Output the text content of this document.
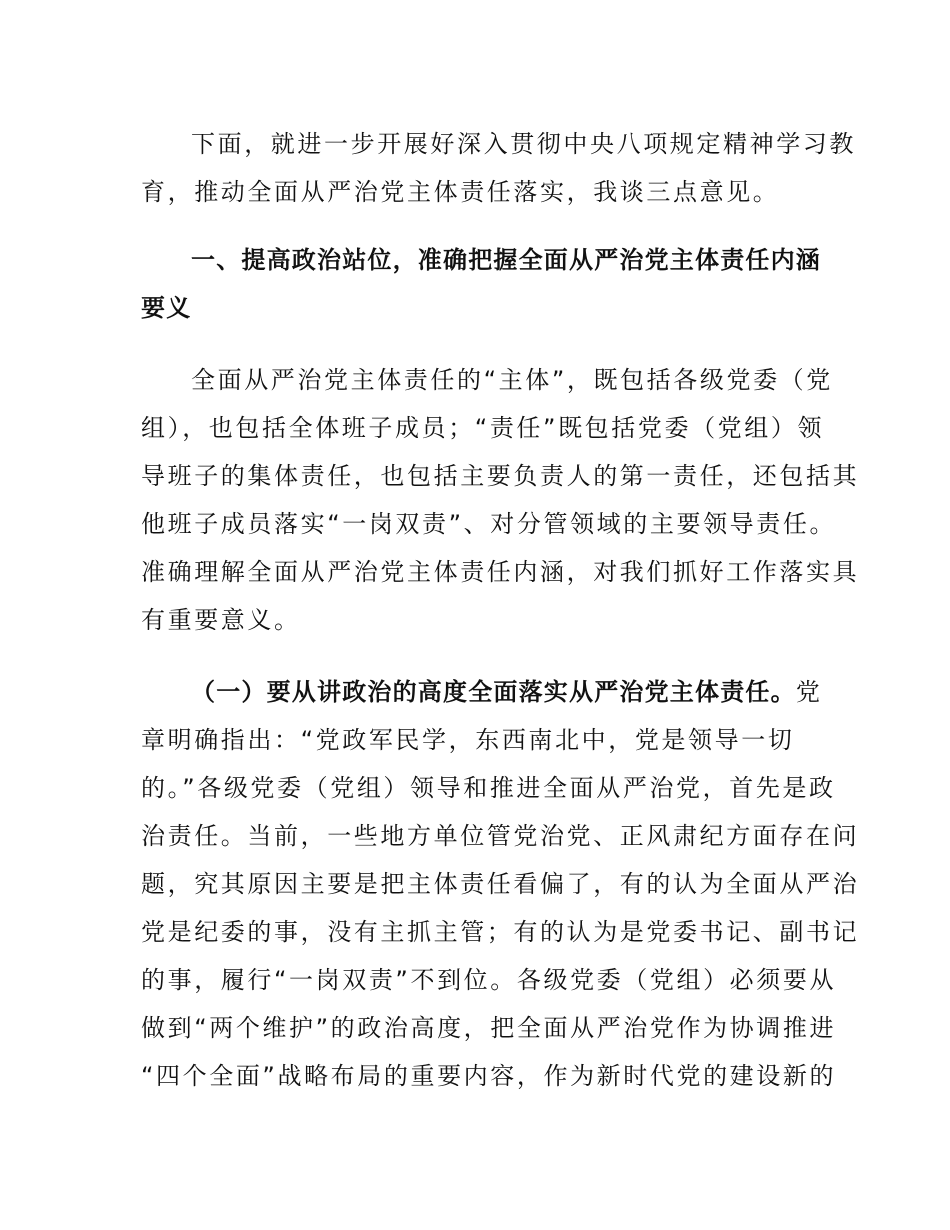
下面，就进一步开展好深入贯彻中央八项规定精神学习教
育，推动全面从严治党主体责任落实，我谈三点意见。
一、提高政治站位，准确把握全面从严治党主体责任内涵
要义
全面从严治党主体责任的“主体”，既包括各级党委（党
组），也包括全体班子成员；“责任”既包括党委（党组）领
导班子的集体责任，也包括主要负责人的第一责任，还包括其
他班子成员落实“一岗双责”、对分管领域的主要领导责任。
准确理解全面从严治党主体责任内涵，对我们抓好工作落实具
有重要意义。
（一）要从讲政治的高度全面落实从严治党主体责任。党
章明确指出：“党政军民学，东西南北中，党是领导一切
的。”各级党委（党组）领导和推进全面从严治党，首先是政
治责任。当前，一些地方单位管党治党、正风肃纪方面存在问
题，究其原因主要是把主体责任看偏了，有的认为全面从严治
党是纪委的事，没有主抓主管；有的认为是党委书记、副书记
的事，履行“一岗双责”不到位。各级党委（党组）必须要从
做到“两个维护”的政治高度，把全面从严治党作为协调推进
“四个全面”战略布局的重要内容，作为新时代党的建设新的
